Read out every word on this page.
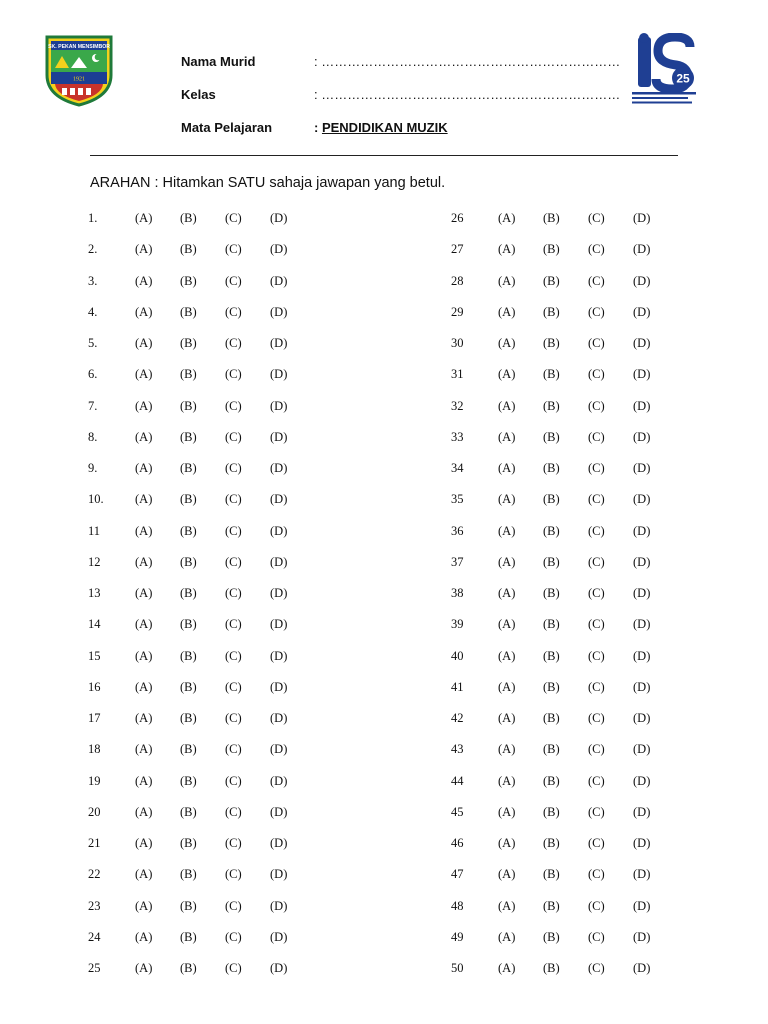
SK. PEKAN MENSIMBOR
1921	25
Nama Murid	: ……………………………………………………………
Kelas	: ……………………………………………………………
Mata Pelajaran	: PENDIDIKAN MUZIK
ARAHAN : Hitamkan SATU sahaja jawapan yang betul.
1.	(A) (B) (C) (D)
2.	(A) (B) (C) (D)
3.	(A) (B) (C) (D)
4.	(A) (B) (C) (D)
5.	(A) (B) (C) (D)
6.	(A) (B) (C) (D)
7.	(A) (B) (C) (D)
8.	(A) (B) (C) (D)
9.	(A) (B) (C) (D)
10.	(A) (B) (C) (D)
11	(A) (B) (C) (D)
12	(A) (B) (C) (D)
13	(A) (B) (C) (D)
14	(A) (B) (C) (D)
15	(A) (B) (C) (D)
16	(A) (B) (C) (D)
17	(A) (B) (C) (D)
18	(A) (B) (C) (D)
19	(A) (B) (C) (D)
20	(A) (B) (C) (D)
21	(A) (B) (C) (D)
22	(A) (B) (C) (D)
23	(A) (B) (C) (D)
24	(A) (B) (C) (D)
25	(A) (B) (C) (D)
26	(A) (B) (C) (D)
27	(A) (B) (C) (D)
28	(A) (B) (C) (D)
29	(A) (B) (C) (D)
30	(A) (B) (C) (D)
31	(A) (B) (C) (D)
32	(A) (B) (C) (D)
33	(A) (B) (C) (D)
34	(A) (B) (C) (D)
35	(A) (B) (C) (D)
36	(A) (B) (C) (D)
37	(A) (B) (C) (D)
38	(A) (B) (C) (D)
39	(A) (B) (C) (D)
40	(A) (B) (C) (D)
41	(A) (B) (C) (D)
42	(A) (B) (C) (D)
43	(A) (B) (C) (D)
44	(A) (B) (C) (D)
45	(A) (B) (C) (D)
46	(A) (B) (C) (D)
47	(A) (B) (C) (D)
48	(A) (B) (C) (D)
49	(A) (B) (C) (D)
50	(A) (B) (C) (D)
